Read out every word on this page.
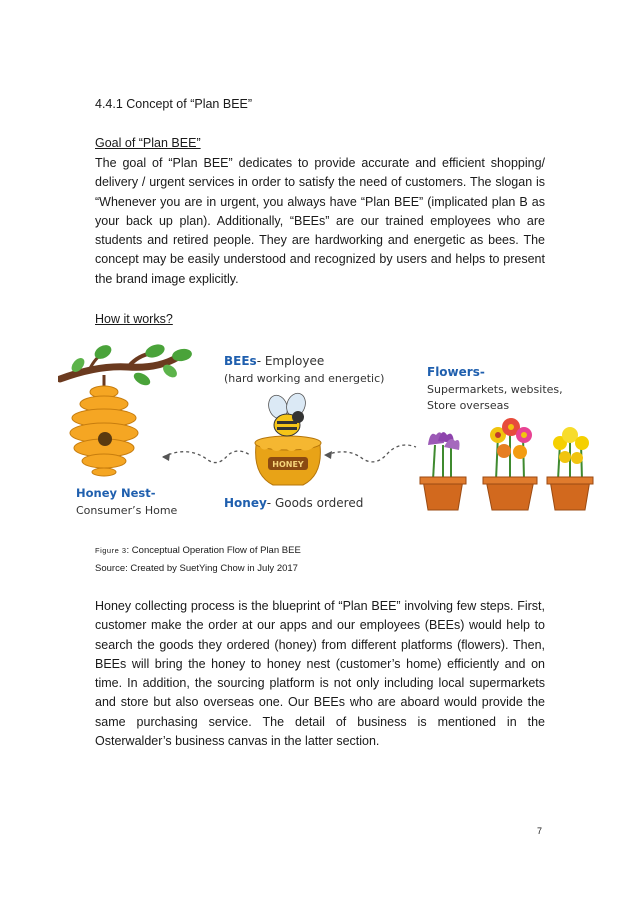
4.4.1 Concept of “Plan BEE”
Goal of “Plan BEE”

The goal of “Plan BEE” dedicates to provide accurate and efficient shopping/ delivery / urgent services in order to satisfy the need of customers. The slogan is “Whenever you are in urgent, you always have “Plan BEE” (implicated plan B as your back up plan). Additionally, “BEEs” are our trained employees who are students and retired people. They are hardworking and energetic as bees. The concept may be easily understood and recognized by users and helps to present the brand image explicitly.

How it works?
HONEY
BEEs- Employee
(hard working and energetic)	Flowers-
Supermarkets, websites,
Store overseas
Honey Nest-
Consumer’s Home
Honey- Goods ordered
Figure 3: Conceptual Operation Flow of Plan BEE
Source: Created by SuetYing Chow in July 2017

Honey collecting process is the blueprint of “Plan BEE” involving few steps. First, customer make the order at our apps and our employees (BEEs) would help to search the goods they ordered (honey) from different platforms (flowers). Then, BEEs will bring the honey to honey nest (customer’s home) efficiently and on time. In addition, the sourcing platform is not only including local supermarkets and store but also overseas one. Our BEEs who are aboard would provide the same purchasing service. The detail of business is mentioned in the Osterwalder’s business canvas in the latter section.

7
